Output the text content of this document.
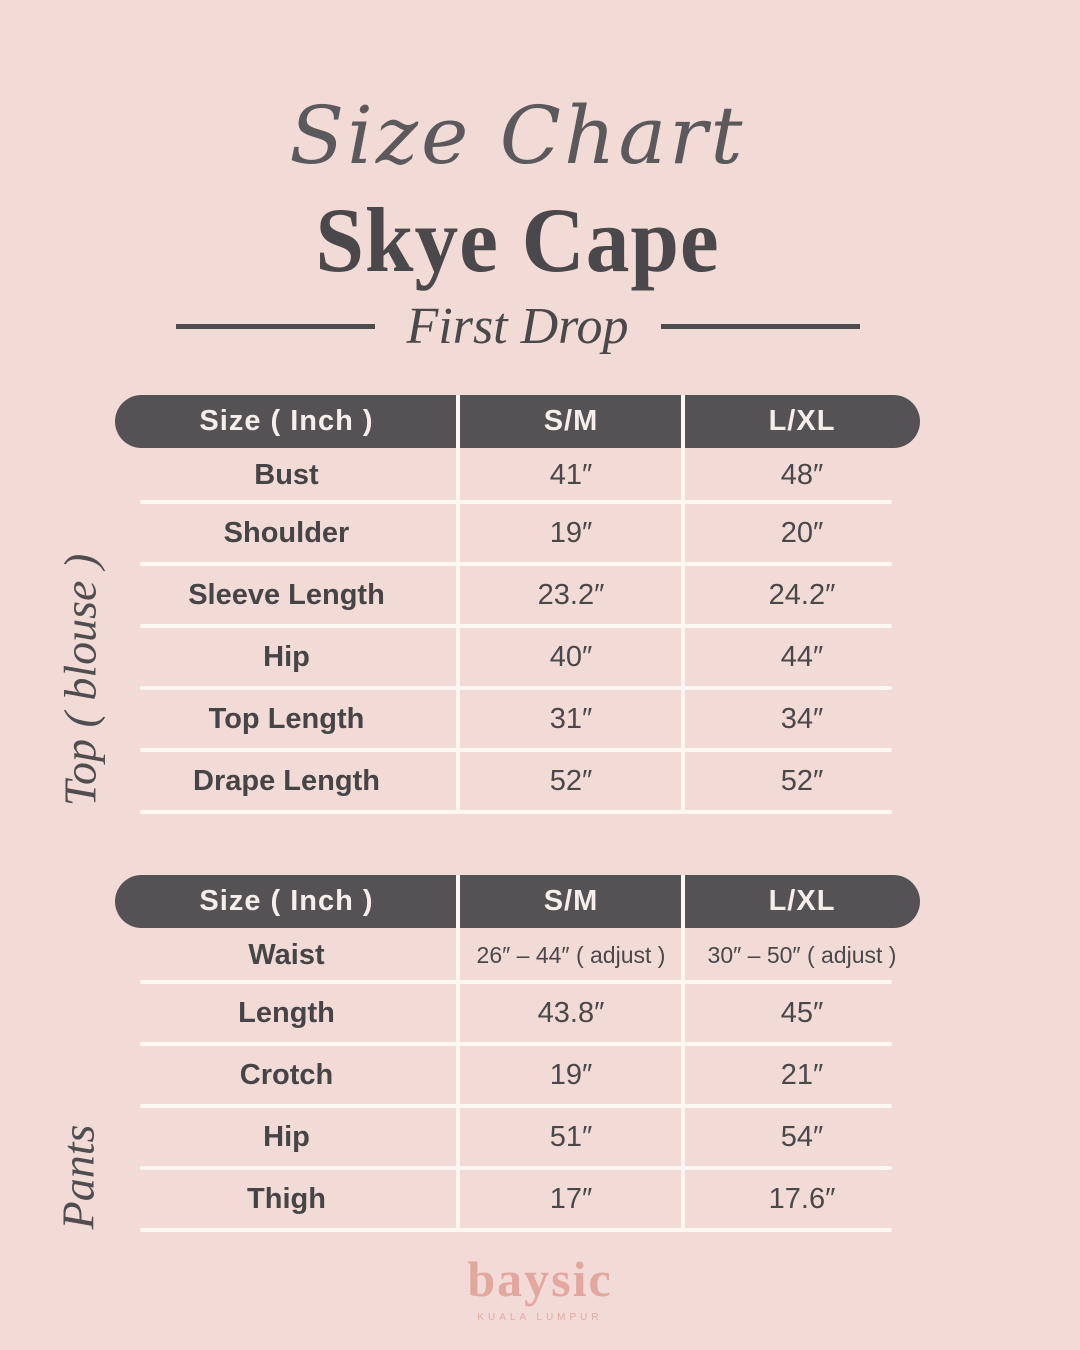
Size Chart
Skye Cape
First Drop
Size ( Inch )	S/M	L/XL
Bust	41″	48″
Shoulder	19″	20″
Sleeve Length	23.2″	24.2″
Hip	40″	44″
Top Length	31″	34″
Drape Length	52″	52″
Size ( Inch )	S/M	L/XL
Waist	26″ – 44″ ( adjust )	30″ – 50″ ( adjust )
Length	43.8″	45″
Crotch	19″	21″
Hip	51″	54″
Thigh	17″	17.6″
Top ( blouse )
Pants
baysic
KUALA LUMPUR
